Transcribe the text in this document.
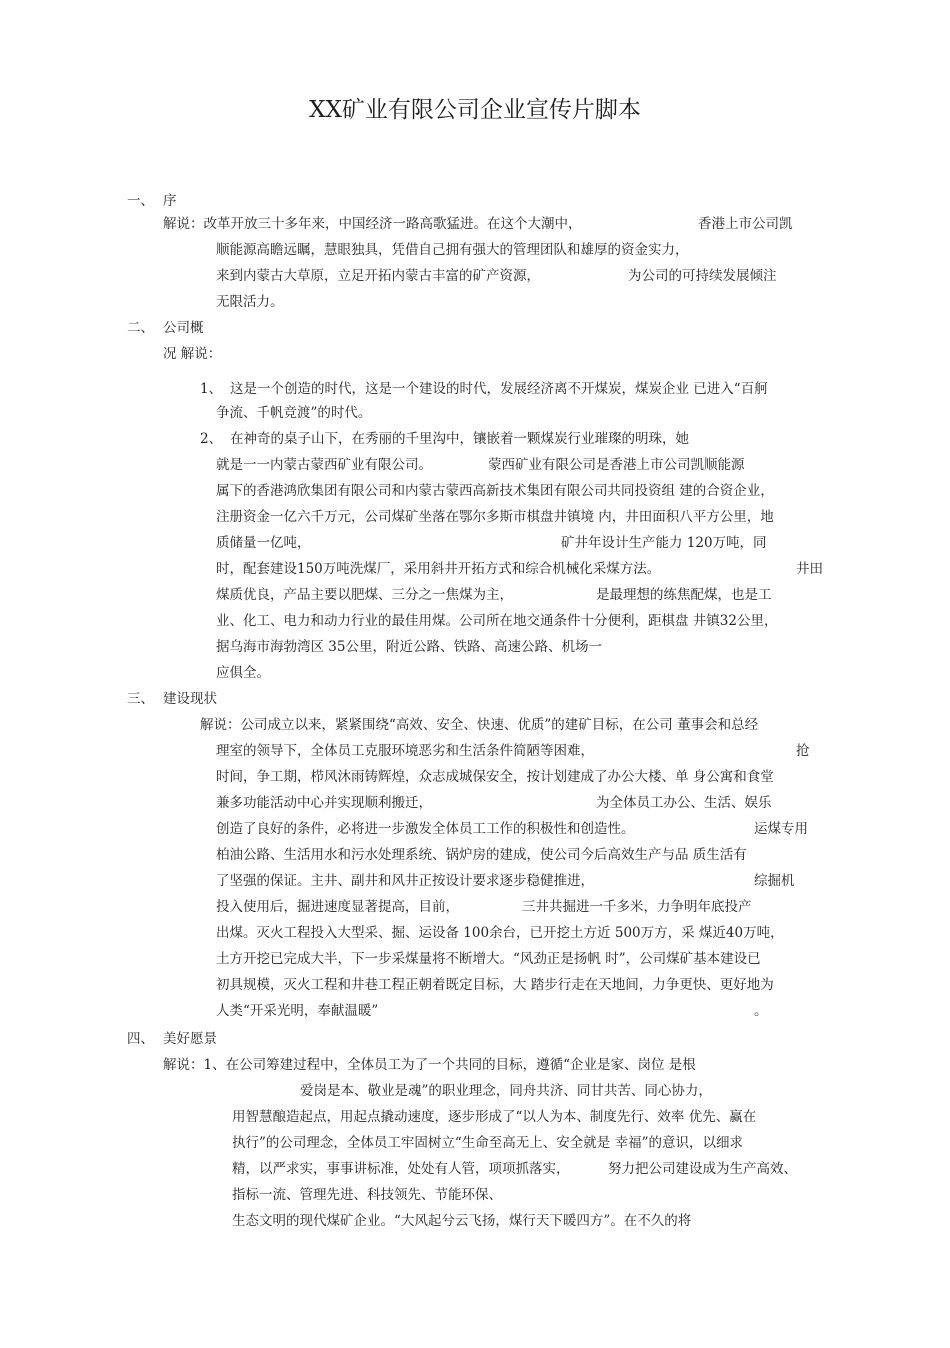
XX矿业有限公司企业宣传片脚本
一、 序
解说：改革开放三十多年来，中国经济一路高歌猛进。在这个大潮中，	香港上市公司凯
顺能源高瞻远瞩，慧眼独具，凭借自己拥有强大的管理团队和雄厚的资金实力，
来到内蒙古大草原，立足开拓内蒙古丰富的矿产资源，	为公司的可持续发展倾注
无限活力。
二、 公司概
况 解说：
1、 这是一个创造的时代，这是一个建设的时代，发展经济离不开煤炭，煤炭企业 已进入“百舸
争流、千帆竞渡”的时代。
2、 在神奇的桌子山下，在秀丽的千里沟中，镶嵌着一颗煤炭行业璀璨的明珠，她
就是一一内蒙古蒙西矿业有限公司。	蒙西矿业有限公司是香港上市公司凯顺能源
属下的香港鸿欣集团有限公司和内蒙古蒙西高新技术集团有限公司共同投资组 建的合资企业，
注册资金一亿六千万元，公司煤矿坐落在鄂尔多斯市棋盘井镇境 内，井田面积八平方公里，地
质储量一亿吨，	矿井年设计生产能力 120万吨，同
时，配套建设150万吨洗煤厂，采用斜井开拓方式和综合机械化采煤方法。	井田
煤质优良，产品主要以肥煤、三分之一焦煤为主，	是最理想的练焦配煤，也是工
业、化工、电力和动力行业的最佳用煤。公司所在地交通条件十分便利，距棋盘 井镇32公里，
据乌海市海勃湾区 35公里，附近公路、铁路、高速公路、机场一
应俱全。
三、 建设现状
解说：公司成立以来，紧紧围绕“高效、安全、快速、优质”的建矿目标，在公司 董事会和总经
理室的领导下，全体员工克服环境恶劣和生活条件简陋等困难，	抢
时间，争工期，栉风沐雨铸辉煌，众志成城保安全，按计划建成了办公大楼、单 身公寓和食堂
兼多功能活动中心并实现顺利搬迁，	为全体员工办公、生活、娱乐
创造了良好的条件，必将进一步激发全体员工工作的积极性和创造性。	运煤专用
柏油公路、生活用水和污水处理系统、锅炉房的建成，使公司今后高效生产与品 质生活有
了坚强的保证。主井、副井和风井正按设计要求逐步稳健推进，	综掘机
投入使用后，掘进速度显著提高，目前，	三井共掘进一千多米，力争明年底投产
出煤。灭火工程投入大型采、掘、运设备 100余台，已开挖土方近 500万方，采 煤近40万吨，
土方开挖已完成大半，下一步采煤量将不断增大。“风劲正是扬帆 时”，公司煤矿基本建设已
初具规模，灭火工程和井巷工程正朝着既定目标，大 踏步行走在天地间，力争更快、更好地为
人类“开采光明，奉献温暖”	。
四、 美好愿景
解说：1、在公司筹建过程中，全体员工为了一个共同的目标，遵循“企业是家、岗位 是根
爱岗是本、敬业是魂”的职业理念，同舟共济、同甘共苦、同心协力，
用智慧酿造起点，用起点撬动速度，逐步形成了“以人为本、制度先行、效率 优先、赢在
执行”的公司理念，全体员工牢固树立“生命至高无上、安全就是 幸福”的意识，以细求
精，以严求实，事事讲标准，处处有人管，项项抓落实，	努力把公司建设成为生产高效、
指标一流、管理先进、科技领先、节能环保、
生态文明的现代煤矿企业。“大风起兮云飞扬，煤行天下暖四方”。在不久的将
